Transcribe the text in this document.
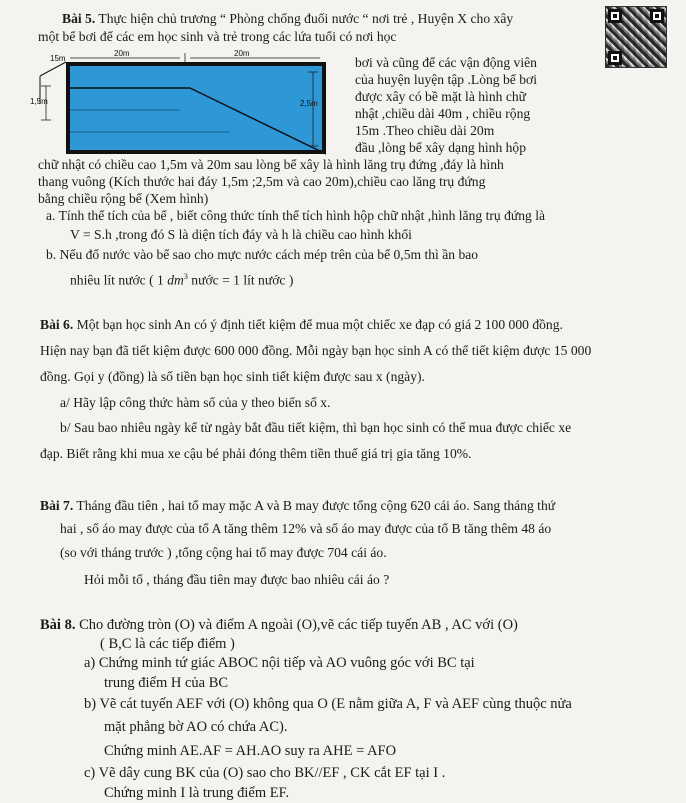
Bài 5. Thực hiện chủ trương “ Phòng chống đuối nước “ nơi trẻ , Huyện X cho xây
một bể bơi để các em học sinh và trẻ trong các lứa tuổi có nơi học
15m
20m	20m
1,5m	2,5m
bơi và cũng để các vận động viên
của huyện luyện tập .Lòng bể bơi
được xây có bề mặt là hình chữ
nhật ,chiều dài 40m , chiều rộng
15m .Theo chiều dài 20m
đầu ,lòng bể xây dạng hình hộp
chữ nhật có chiều cao 1,5m và 20m sau lòng bể xây là hình lăng trụ đứng ,đáy là hình
thang vuông (Kích thước hai đáy 1,5m ;2,5m và cao 20m),chiều cao lăng trụ đứng
bằng chiều rộng bể (Xem hình)
a. Tính thể tích của bể , biết công thức tính thể tích hình hộp chữ nhật ,hình lăng trụ đứng là
V = S.h ,trong đó S là diện tích đáy và h là chiều cao hình khối
b. Nếu đổ nước vào bể sao cho mực nước cách mép trên của bể 0,5m thì ần bao
nhiêu lít nước ( 1 $dm^3$ nước = 1 lít nước )
Bài 6. Một bạn học sinh An có ý định tiết kiệm để mua một chiếc xe đạp có giá 2 100 000 đồng.
Hiện nay bạn đã tiết kiệm được 600 000 đồng. Mỗi ngày bạn học sinh A có thể tiết kiệm được 15 000
đồng. Gọi y (đồng) là số tiền bạn học sinh tiết kiệm được sau x (ngày).
a/ Hãy lập công thức hàm số của y theo biến số x.
b/ Sau bao nhiêu ngày kể từ ngày bắt đầu tiết kiệm, thì bạn học sinh có thể mua được chiếc xe
đạp. Biết rằng khi mua xe cậu bé phải đóng thêm tiền thuế giá trị gia tăng 10%.
Bài 7. Tháng đầu tiên , hai tổ may mặc A và B may được tổng cộng 620 cái áo. Sang tháng thứ
hai , số áo may được của tổ A tăng thêm 12% và số áo may được của tổ B tăng thêm 48 áo
(so với tháng trước ) ,tổng cộng hai tổ may được 704 cái áo.
Hỏi mỗi tổ , tháng đầu tiên may được bao nhiêu cái áo ?
Bài 8. Cho đường tròn (O) và điểm A ngoài (O),vẽ các tiếp tuyến AB , AC với (O)
( B,C là các tiếp điểm )
a) Chứng minh tứ giác ABOC nội tiếp và AO vuông góc với BC tại
trung điểm H của BC
b) Vẽ cát tuyến AEF với (O) không qua O (E nằm giữa A, F và AEF cùng thuộc nửa
mặt phẳng bờ AO có chứa AC).
Chứng minh AE.AF = AH.AO suy ra AHE = AFO
c) Vẽ dây cung BK của (O) sao cho BK//EF , CK cắt EF tại I .
Chứng minh I là trung điểm EF.
